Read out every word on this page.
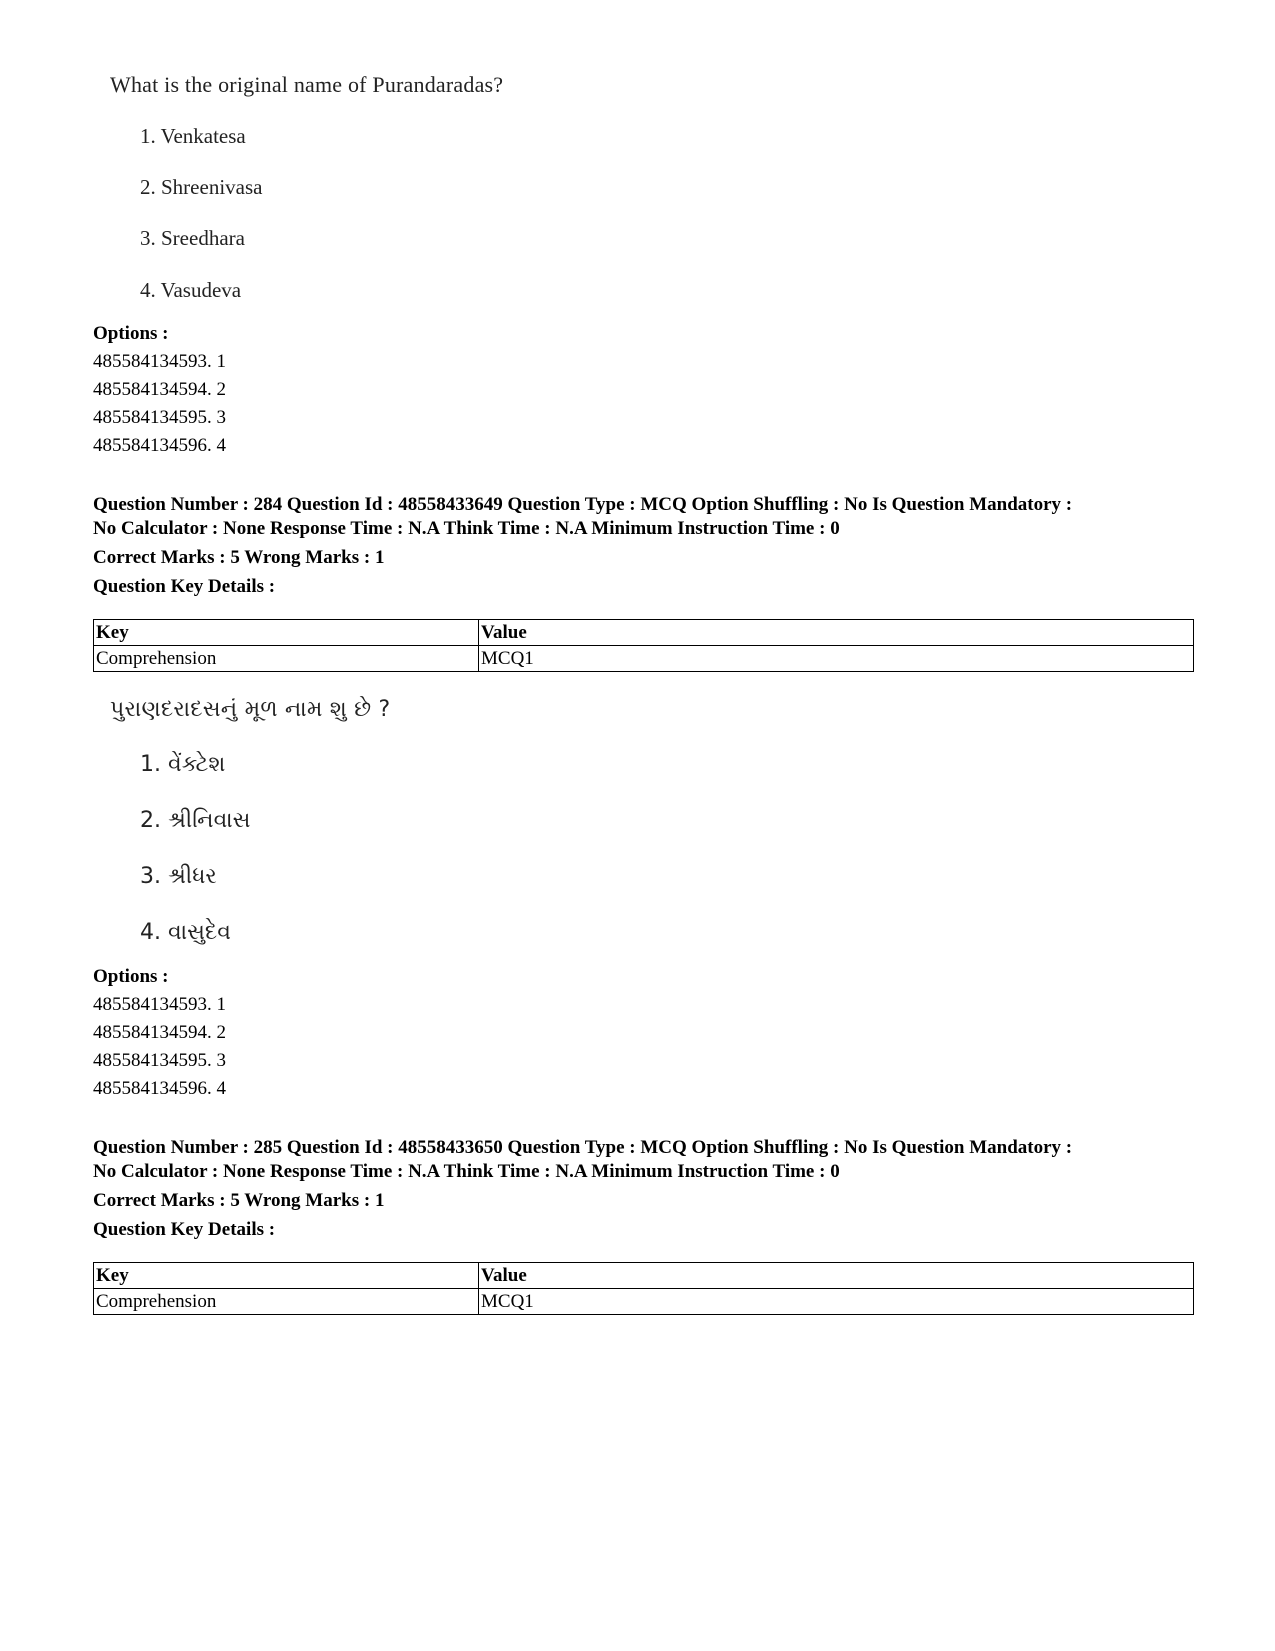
What is the original name of Purandaradas?
1. Venkatesa
2. Shreenivasa
3. Sreedhara
4. Vasudeva
Options :
485584134593. 1
485584134594. 2
485584134595. 3
485584134596. 4
Question Number : 284 Question Id : 48558433649 Question Type : MCQ Option Shuffling : No Is Question Mandatory :
No Calculator : None Response Time : N.A Think Time : N.A Minimum Instruction Time : 0
Correct Marks : 5 Wrong Marks : 1
Question Key Details :
Key	Value
Comprehension	MCQ1
પુરાણદરાદસનું મૂળ નામ શુ છે ?
1. વેંક્ટેશ
2. શ્રીનિવાસ
3. શ્રીધર
4. વાસુદેવ
Options :
485584134593. 1
485584134594. 2
485584134595. 3
485584134596. 4
Question Number : 285 Question Id : 48558433650 Question Type : MCQ Option Shuffling : No Is Question Mandatory :
No Calculator : None Response Time : N.A Think Time : N.A Minimum Instruction Time : 0
Correct Marks : 5 Wrong Marks : 1
Question Key Details :
Key	Value
Comprehension	MCQ1
